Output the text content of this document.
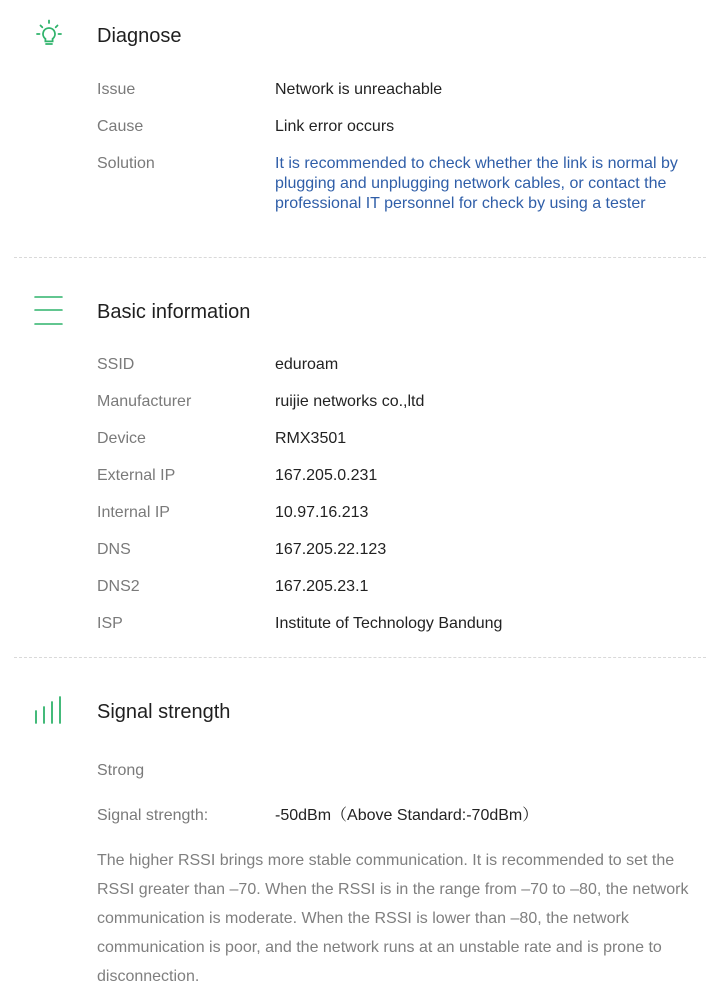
Diagnose
Issue	Network is unreachable
Cause	Link error occurs
Solution	It is recommended to check whether the link is normal by plugging and unplugging network cables, or contact the professional IT personnel for check by using a tester
Basic information
SSID	eduroam
Manufacturer	ruijie networks co.,ltd
Device	RMX3501
External IP	167.205.0.231
Internal IP	10.97.16.213
DNS	167.205.22.123
DNS2	167.205.23.1
ISP	Institute of Technology Bandung
Signal strength
Strong
Signal strength:	-50dBm（Above Standard:-70dBm）

The higher RSSI brings more stable communication. It is recommended to set the RSSI greater than –70. When the RSSI is in the range from –70 to –80, the network communication is moderate. When the RSSI is lower than –80, the network communication is poor, and the network runs at an unstable rate and is prone to disconnection.
